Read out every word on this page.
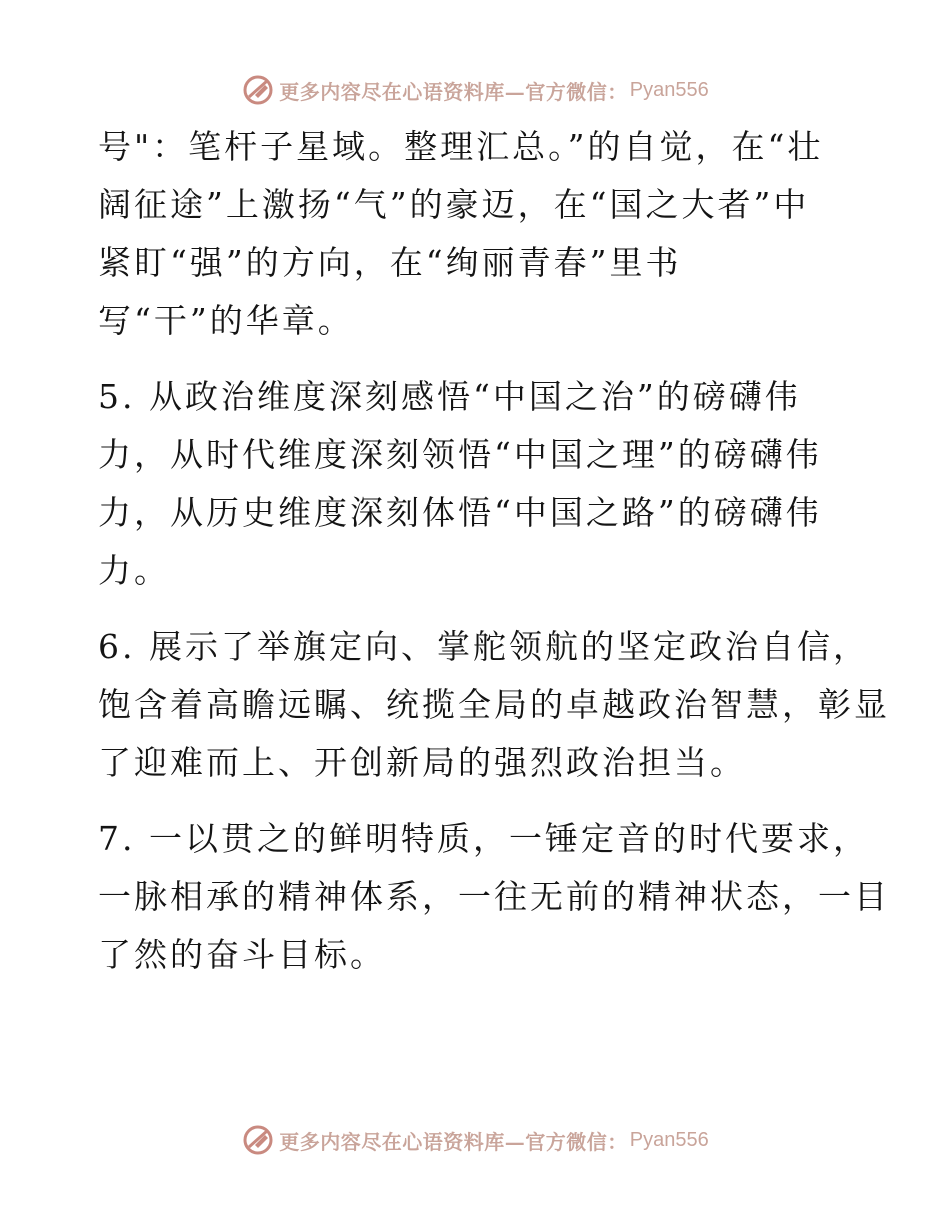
更多内容尽在心语资料库—官方微信： Pyan556
号"：笔杆子星域。整理汇总。”的自觉，在“壮
阔征途”上激扬“气”的豪迈，在“国之大者”中
紧盯“强”的方向，在“绚丽青春”里书
写“干”的华章。
5. 从政治维度深刻感悟“中国之治”的磅礴伟
力，从时代维度深刻领悟“中国之理”的磅礴伟
力，从历史维度深刻体悟“中国之路”的磅礴伟
力。
6. 展示了举旗定向、掌舵领航的坚定政治自信，
饱含着高瞻远瞩、统揽全局的卓越政治智慧，彰显
了迎难而上、开创新局的强烈政治担当。
7. 一以贯之的鲜明特质，一锤定音的时代要求，
一脉相承的精神体系，一往无前的精神状态，一目
了然的奋斗目标。
更多内容尽在心语资料库—官方微信： Pyan556
